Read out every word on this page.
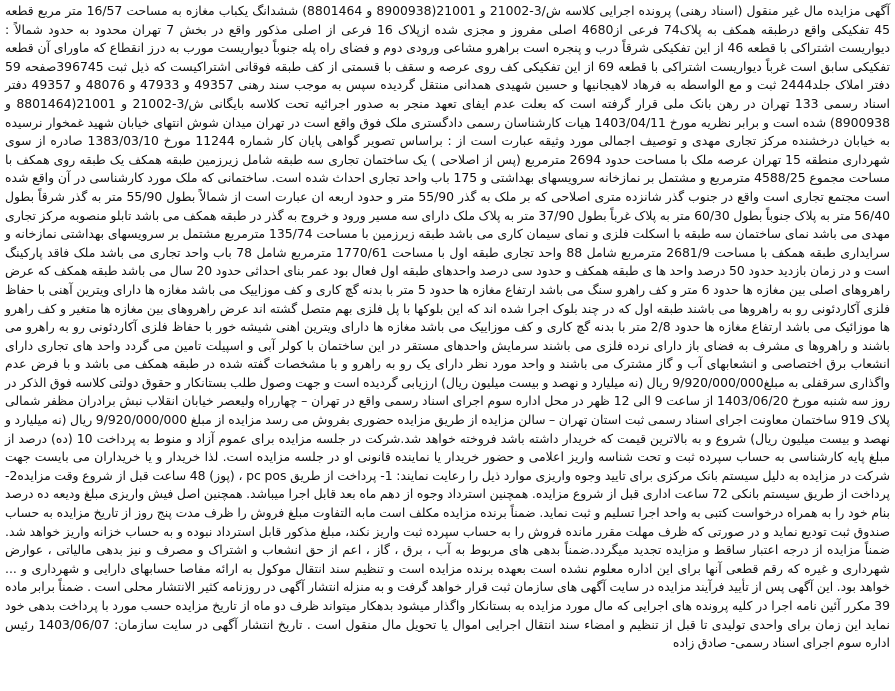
آگهی مزایده مال غیر منقول (اسناد رهنی) پرونده اجرایی کلاسه ش/3-21002 و 21001(8900938 و 8801464) ششدانگ یکباب مغازه به مساحت 16/57 متر مربع قطعه 45 تفکیکی واقع درطبقه همکف به پلاک74 فرعی از4680 اصلی مفروز و مجزی شده ازپلاک 16 فرعی از اصلی مذکور واقع در بخش 7 تهران محدود به حدود شمالاً : دیواریست اشتراکی با قطعه 46 از این تفکیکی شرقاً درب و پنجره است براهرو مشاعی ورودی دوم و فضای راه پله جنوباً دیواریست مورب به درز انقطاع که ماورای آن قطعه تفکیکی سابق است غرباً دیواریست اشتراکی با قطعه 69 از این تفکیکی کف روی عرصه و سقف با قسمتی از کف طبقه فوقانی اشتراکیست که ذیل ثبت 396745صفحه 59 دفتر املاک جلد2444 ثبت و مع الواسطه به فرهاد لاهیجانیها و حسین شهیدی همدانی منتقل گردیده سپس به موجب سند رهنی 49357 و 47933 و 48076 و 49357 دفتر اسناد رسمی 133 تهران در رهن بانک ملی قرار گرفته است که بعلت عدم ایفای تعهد منجر به صدور اجرائیه تحت کلاسه بایگانی ش/3-21002 و 21001(8801464 و 8900938) شده است و برابر نظریه مورخ 1403/04/11 هیات کارشناسان رسمی دادگستری ملک فوق واقع است در تهران میدان شوش انتهای خیابان شهید غمخوار نرسیده به خیابان درخشنده مرکز تجاری مهدی و توصیف اجمالی مورد وثیقه عبارت است از : براساس تصویر گواهی پایان کار شماره 11244 مورخ 1383/03/10 صادره از سوی شهرداری منطقه 15 تهران عرصه ملک با مساحت حدود 2694 مترمربع (پس از اصلاحی ) یک ساختمان تجاری سه طبقه شامل زیرزمین طبقه همکف یک طبقه روی همکف با مساحت مجموع 4588/25 مترمربع و مشتمل بر نمازخانه سرویسهای بهداشتی و 175 باب واحد تجاری احداث شده است. ساختمانی که ملک مورد کارشناسی در آن واقع شده است مجتمع تجاری است واقع در جنوب گذر شانزده متری اصلاحی که بر ملک به گذر 55/90 متر و حدود اربعه ان عبارت است از شمالاً بطول 55/90 متر به گذر شرقاً بطول 56/40 متر به پلاک جنوباً بطول 60/30 متر به پلاک غرباً بطول 37/90 متر به پلاک ملک دارای سه مسیر ورود و خروج به گذر در طبقه همکف می باشد تابلو منصوبه مرکز تجاری مهدی می باشد نمای ساختمان سه طبقه با اسکلت فلزی و نمای سیمان کاری می باشد طبقه زیرزمین با مساحت 135/74 مترمربع مشتمل بر سرویسهای بهداشتی نمازخانه و سرایداری طبقه همکف با مساحت 2681/9 مترمربع شامل 88 واحد تجاری طبقه اول با مساحت 1770/61 مترمربع شامل 78 باب واحد تجاری می باشد ملک فاقد پارکینگ است و در زمان بازدید حدود 50 درصد واحد ها ی طبقه همکف و حدود سی درصد واحدهای طبقه اول فعال بود عمر بنای احداثی حدود 20 سال می باشد طبقه همکف که عرض راهروهای اصلی بین مغازه ها حدود 6 متر و کف راهرو سنگ می باشد ارتفاع مغازه ها حدود 5 متر با بدنه گچ کاری و کف موزاییک می باشد مغازه ها دارای ویترین آهنی با حفاظ فلزی آکاردئونی رو به راهروها می باشند طبقه اول که در چند بلوک اجرا شده اند که این بلوکها با پل فلزی بهم متصل گشته اند عرض راهروهای بین مغازه ها متغیر و کف راهرو ها موزائیک می باشد ارتفاع مغازه ها حدود 2/8 متر با بدنه گچ کاری و کف موزاییک می باشد مغازه ها دارای ویترین اهنی شیشه خور با حفاظ فلزی آکاردئونی رو به راهرو می باشند و راهروها ی مشرف به فضای باز دارای نرده فلزی می باشند سرمایش واحدهای مستقر در این ساختمان با کولر آبی و اسپیلت تامین می گردد واحد های تجاری دارای انشعاب برق اختصاصی و انشعابهای آب و گاز مشترک می باشند و واحد مورد نظر دارای یک رو به راهرو و با مشخصات گفته شده در طبقه همکف می باشد و با فرض عدم واگذاری سرقفلی به مبلغ9/920/000/000 ریال (نه میلیارد و نهصد و بیست میلیون ریال) ارزیابی گردیده است و جهت وصول طلب بستانکار و حقوق دولتی کلاسه فوق الذکر در روز سه شنبه مورخ 1403/06/20 از ساعت 9 الی 12 ظهر در محل اداره سوم اجرای اسناد رسمی واقع در تهران – چهارراه ولیعصر خیابان انقلاب نبش برادران مظفر شمالی پلاک 919 ساختمان معاونت اجرای اسناد رسمی ثبت استان تهران – سالن مزایده از طریق مزایده حضوری بفروش می رسد مزایده از مبلغ 9/920/000/000 ریال (نه میلیارد و نهصد و بیست میلیون ریال) شروع و به بالاترین قیمت که خریدار داشته باشد فروخته خواهد شد.شرکت در جلسه مزایده برای عموم آزاد و منوط به پرداخت 10 (ده) درصد از مبلغ پایه کارشناسی به حساب سپرده ثبت و تحت شناسه واریز اعلامی و حضور خریدار یا نماینده قانونی او در جلسه مزایده است. لذا خریدار و یا خریداران می بایست جهت شرکت در مزایده به دلیل سیستم بانک مرکزی برای تایید وجوه واریزی موارد ذیل را رعایت نمایند: 1- پرداخت از طریق pc pos ، (پوز) 48 ساعت قبل از شروع وقت مزایده2- پرداخت از طریق سیستم بانکی 72 ساعت اداری قبل از شروع مزایده. همچنین استرداد وجوه از دهم ماه بعد قابل اجرا میباشد. همچنین اصل فیش واریزی مبلغ ودیعه ده درصد بنام خود را به همراه درخواست کتبی به واحد اجرا تسلیم و ثبت نماید. ضمناً برنده مزایده مکلف است مابه التفاوت مبلغ فروش را ظرف مدت پنج روز از تاریخ مزایده به حساب صندوق ثبت توديع نماید و در صورتی که ظرف مهلت مقرر مانده فروش را به حساب سپرده ثبت واریز نکند، مبلغ مذکور قابل استرداد نبوده و به حساب خزانه واریز خواهد شد. ضمناً مزایده از درجه اعتبار ساقط و مزایده تجدید میگردد.ضمناً بدهی های مربوط به آب ، برق ، گاز ، اعم از حق انشعاب و اشتراک و مصرف و نیز بدهی مالیاتی ، عوارض شهرداری و غیره که رقم قطعی آنها برای این اداره معلوم نشده است بعهده برنده مزایده است و تنظیم سند انتقال موکول به ارائه مفاصا حسابهای دارایی و شهرداری و ... خواهد بود. این آگهی پس از تأیید فرآیند مزایده در سایت آگهی های سازمان ثبت قرار خواهد گرفت و به منزله انتشار آگهی در روزنامه کثیر الانتشار محلی است . ضمناً برابر ماده 39 مکرر آئین نامه اجرا در کلیه پرونده های اجرایی که مال مورد مزایده به بستانکار واگذار میشود بدهکار میتواند ظرف دو ماه از تاریخ مزایده حسب مورد با پرداخت بدهی خود نماید این زمان برای واحدی تولیدی تا قبل از تنظیم و امضاء سند انتقال اجرایی اموال یا تحویل مال منقول است . تاریخ انتشار آگهی در سایت سازمان: 1403/06/07 رئیس اداره سوم اجرای اسناد رسمی- صادق زاده
